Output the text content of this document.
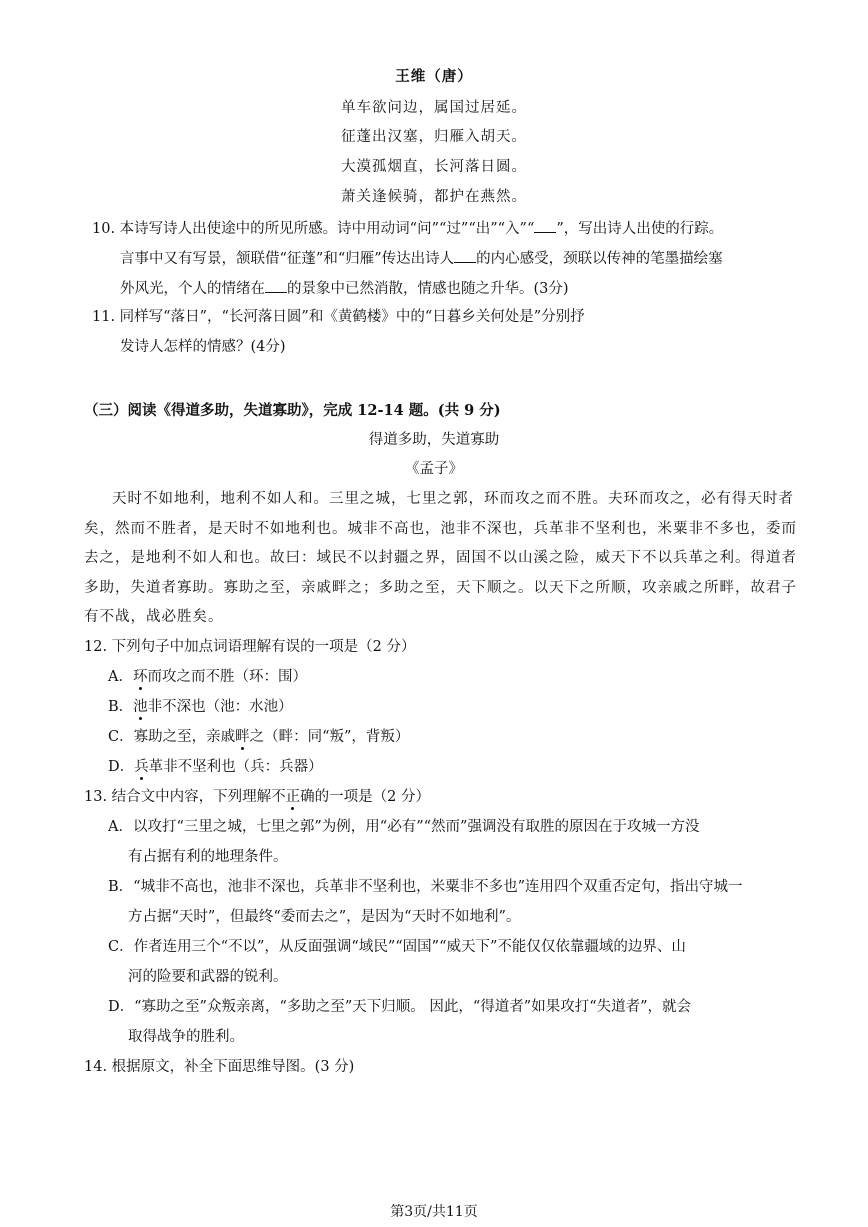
王维（唐）
单车欲问边，属国过居延。
征蓬出汉塞，归雁入胡天。
大漠孤烟直，长河落日圆。
萧关逢候骑，都护在燕然。
10. 本诗写诗人出使途中的所见所感。诗中用动词“问”“过”“出”“入”“ ”，写出诗人出使的行踪。
言事中又有写景，颔联借“征蓬”和“归雁”传达出诗人 的内心感受，颈联以传神的笔墨描绘塞
外风光，个人的情绪在 的景象中已然消散，情感也随之升华。(3分)
11. 同样写“落日”，“长河落日圆”和《黄鹤楼》中的“日暮乡关何处是”分别抒
发诗人怎样的情感？(4分)
（三）阅读《得道多助，失道寡助》，完成 12-14 题。(共 9 分)
得道多助，失道寡助
《孟子》
天时不如地利，地利不如人和。三里之城，七里之郭，环而攻之而不胜。夫环而攻之，必有得天时者
矣，然而不胜者，是天时不如地利也。城非不高也，池非不深也，兵革非不坚利也，米粟非不多也，委而
去之，是地利不如人和也。故曰：域民不以封疆之界，固国不以山溪之险，威天下不以兵革之利。得道者
多助，失道者寡助。寡助之至，亲戚畔之；多助之至，天下顺之。以天下之所顺，攻亲戚之所畔，故君子
有不战，战必胜矣。
12. 下列句子中加点词语理解有误的一项是（2 分）
A．环而攻之而不胜（环：围）
B．池非不深也（池：水池）
C．寡助之至，亲戚畔之（畔：同“叛”，背叛）
D．兵革非不坚利也（兵：兵器）
13. 结合文中内容，下列理解不正确的一项是（2 分）
A．以攻打“三里之城，七里之郭”为例，用“必有”“然而”强调没有取胜的原因在于攻城一方没
有占据有利的地理条件。
B．“城非不高也，池非不深也，兵革非不坚利也，米粟非不多也”连用四个双重否定句，指出守城一
方占据“天时”，但最终“委而去之”，是因为“天时不如地利”。
C．作者连用三个“不以”，从反面强调“域民”“固国”“威天下”不能仅仅依靠疆域的边界、山
河的险要和武器的锐利。
D．“寡助之至”众叛亲离，“多助之至”天下归顺。 因此，“得道者”如果攻打“失道者”，就会
取得战争的胜利。
14. 根据原文，补全下面思维导图。(3 分)
第3页/共11页
